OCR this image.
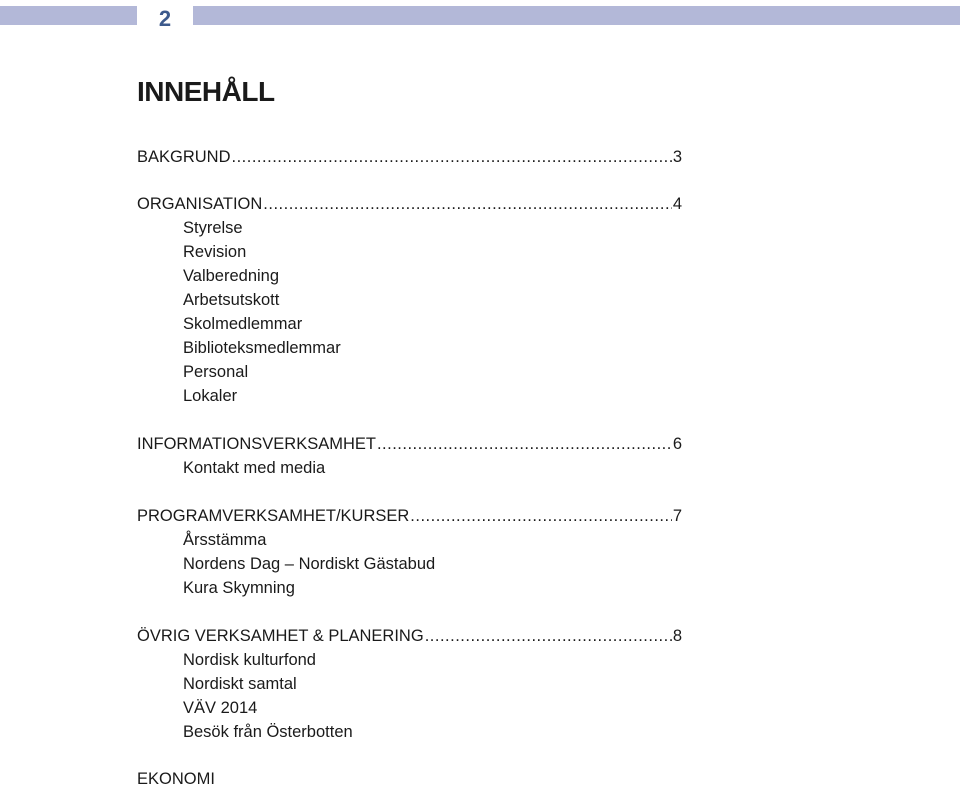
2
INNEHÅLL
BAKGRUND .....	3
ORGANISATION .....	4
Styrelse
Revision
Valberedning
Arbetsutskott
Skolmedlemmar
Biblioteksmedlemmar
Personal
Lokaler
INFORMATIONSVERKSAMHET .....	6
Kontakt med media
PROGRAMVERKSAMHET/KURSER .....	7
Årsstämma
Nordens Dag – Nordiskt Gästabud
Kura Skymning
ÖVRIG VERKSAMHET & PLANERING .....	8
Nordisk kulturfond
Nordiskt samtal
VÄV 2014
Besök från Österbotten
EKONOMI
